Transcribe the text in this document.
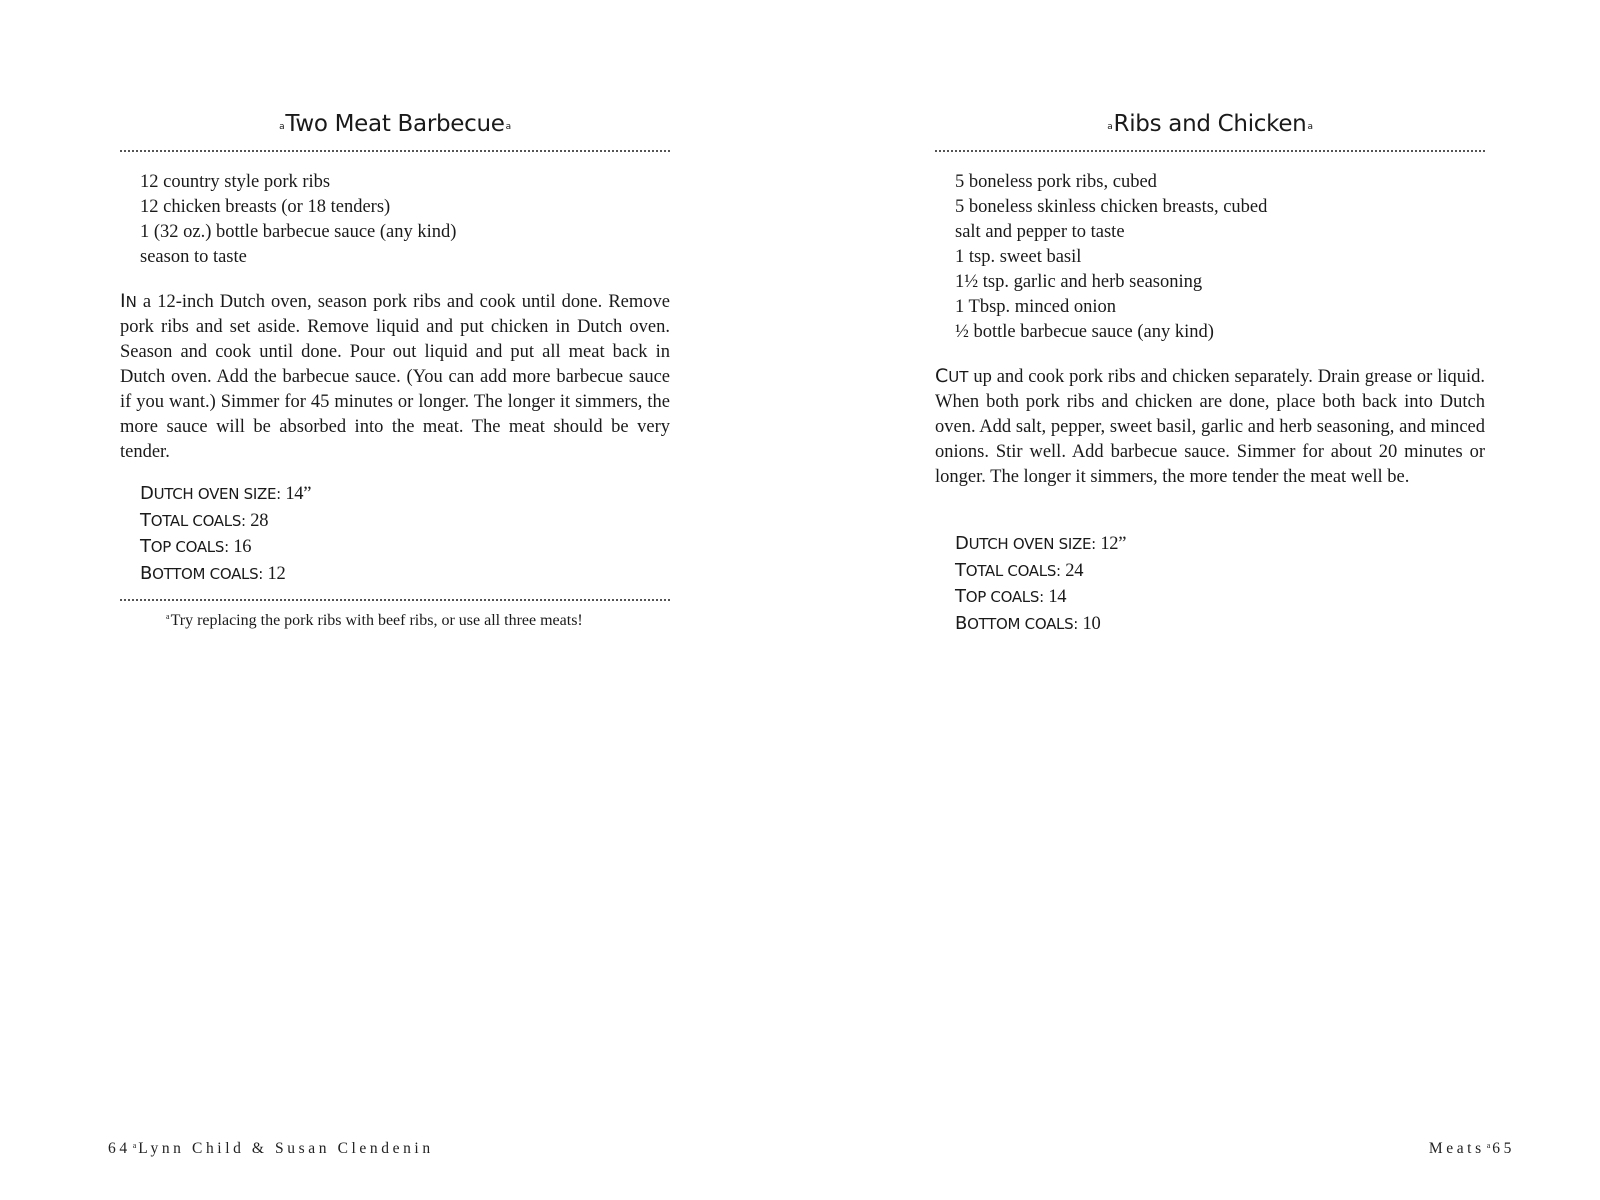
aTwo Meat Barbecuea
12 country style pork ribs
12 chicken breasts (or 18 tenders)
1 (32 oz.) bottle barbecue sauce (any kind)
season to taste
IN a 12-inch Dutch oven, season pork ribs and cook until done. Remove pork ribs and set aside. Remove liquid and put chicken in Dutch oven. Season and cook until done. Pour out liquid and put all meat back in Dutch oven. Add the barbecue sauce. (You can add more barbecue sauce if you want.) Simmer for 45 minutes or longer. The longer it simmers, the more sauce will be absorbed into the meat. The meat should be very tender.
DUTCH OVEN SIZE: 14”
TOTAL COALS: 28
TOP COALS: 16
BOTTOM COALS: 12
$^a$Try replacing the pork ribs with beef ribs, or use all three meats!
64 $^a$ Lynn Child & Susan Clendenin
aRibs and Chickena
5 boneless pork ribs, cubed
5 boneless skinless chicken breasts, cubed
salt and pepper to taste
1 tsp. sweet basil
1½ tsp. garlic and herb seasoning
1 Tbsp. minced onion
½ bottle barbecue sauce (any kind)
CUT up and cook pork ribs and chicken separately. Drain grease or liquid. When both pork ribs and chicken are done, place both back into Dutch oven. Add salt, pepper, sweet basil, garlic and herb seasoning, and minced onions. Stir well. Add barbecue sauce. Simmer for about 20 minutes or longer. The longer it simmers, the more tender the meat well be.
DUTCH OVEN SIZE: 12”
TOTAL COALS: 24
TOP COALS: 14
BOTTOM COALS: 10
Meats $^a$ 65
